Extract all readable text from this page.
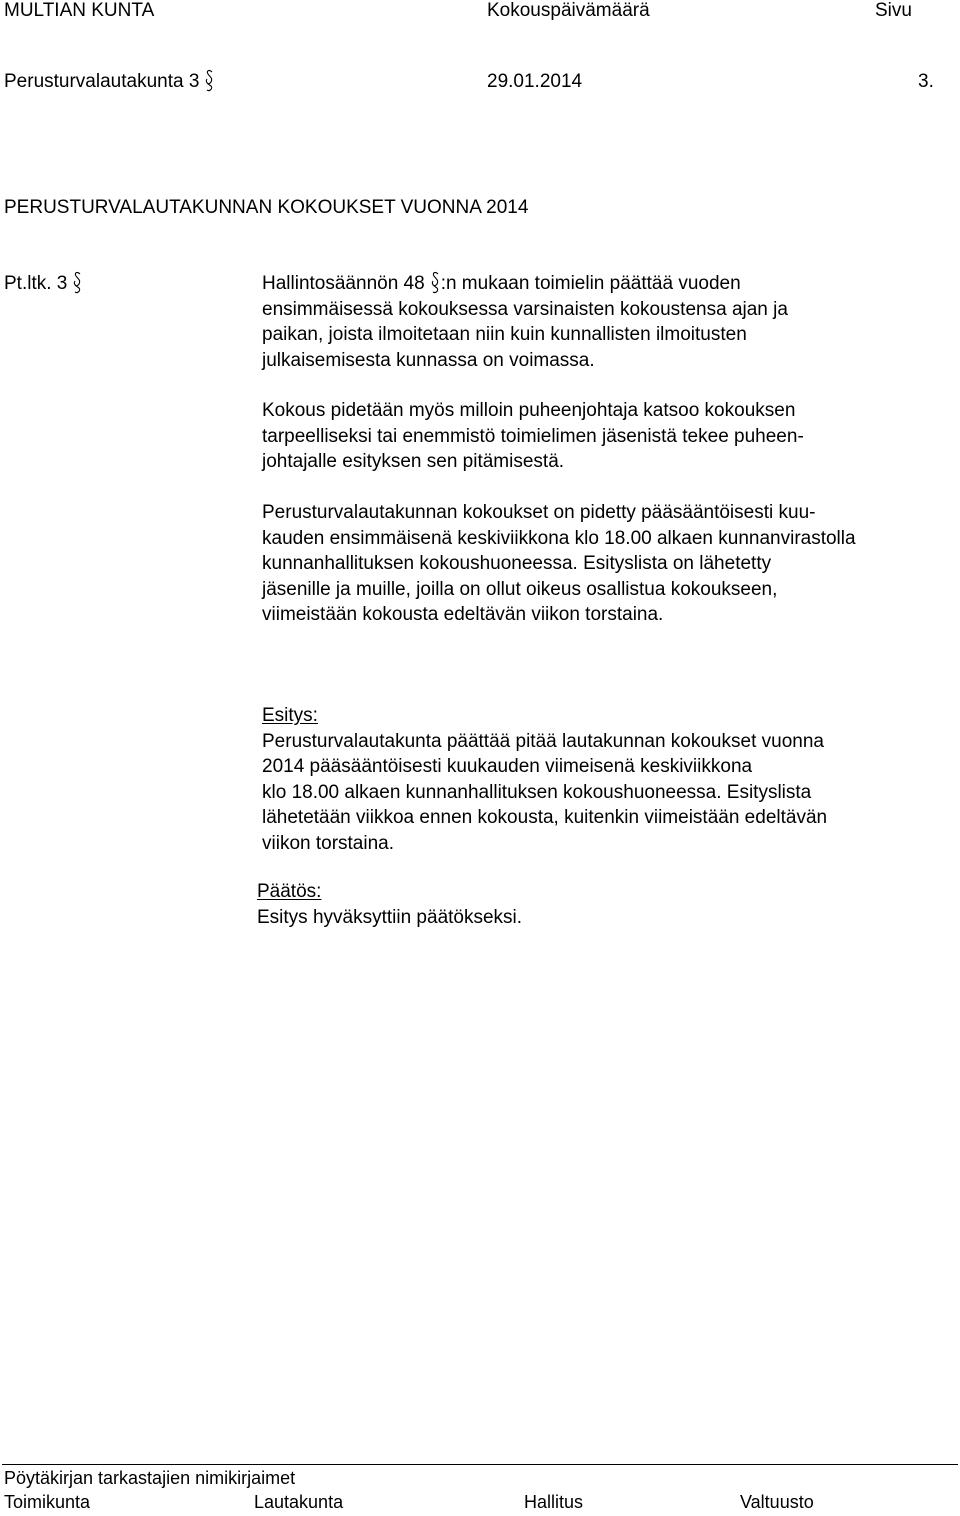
MULTIAN KUNTA	Kokouspäivämäärä	Sivu
Perusturvalautakunta 3	29.01.2014	3.
PERUSTURVALAUTAKUNNAN KOKOUKSET VUONNA 2014
Pt.ltk. 3	Hallintosäännön 48 :n mukaan toimielin päättää vuoden

ensimmäisessä kokouksessa varsinaisten kokoustensa ajan ja

paikan, joista ilmoitetaan niin kuin kunnallisten ilmoitusten

julkaisemisesta kunnassa on voimassa.

Kokous pidetään myös milloin puheenjohtaja katsoo kokouksen

tarpeelliseksi tai enemmistö toimielimen jäsenistä tekee puheen-

johtajalle esityksen sen pitämisestä.

Perusturvalautakunnan kokoukset on pidetty pääsääntöisesti kuu-

kauden ensimmäisenä keskiviikkona klo 18.00 alkaen kunnanvirastolla

kunnanhallituksen kokoushuoneessa. Esityslista on lähetetty

jäsenille ja muille, joilla on ollut oikeus osallistua kokoukseen,

viimeistään kokousta edeltävän viikon torstaina.

Esitys:

Perusturvalautakunta päättää pitää lautakunnan kokoukset vuonna

2014 pääsääntöisesti kuukauden viimeisenä keskiviikkona

klo 18.00 alkaen kunnanhallituksen kokoushuoneessa. Esityslista

lähetetään viikkoa ennen kokousta, kuitenkin viimeistään edeltävän

viikon torstaina.

Päätös:

Esitys hyväksyttiin päätökseksi.

Pöytäkirjan tarkastajien nimikirjaimet
Toimikunta	Lautakunta	Hallitus	Valtuusto
